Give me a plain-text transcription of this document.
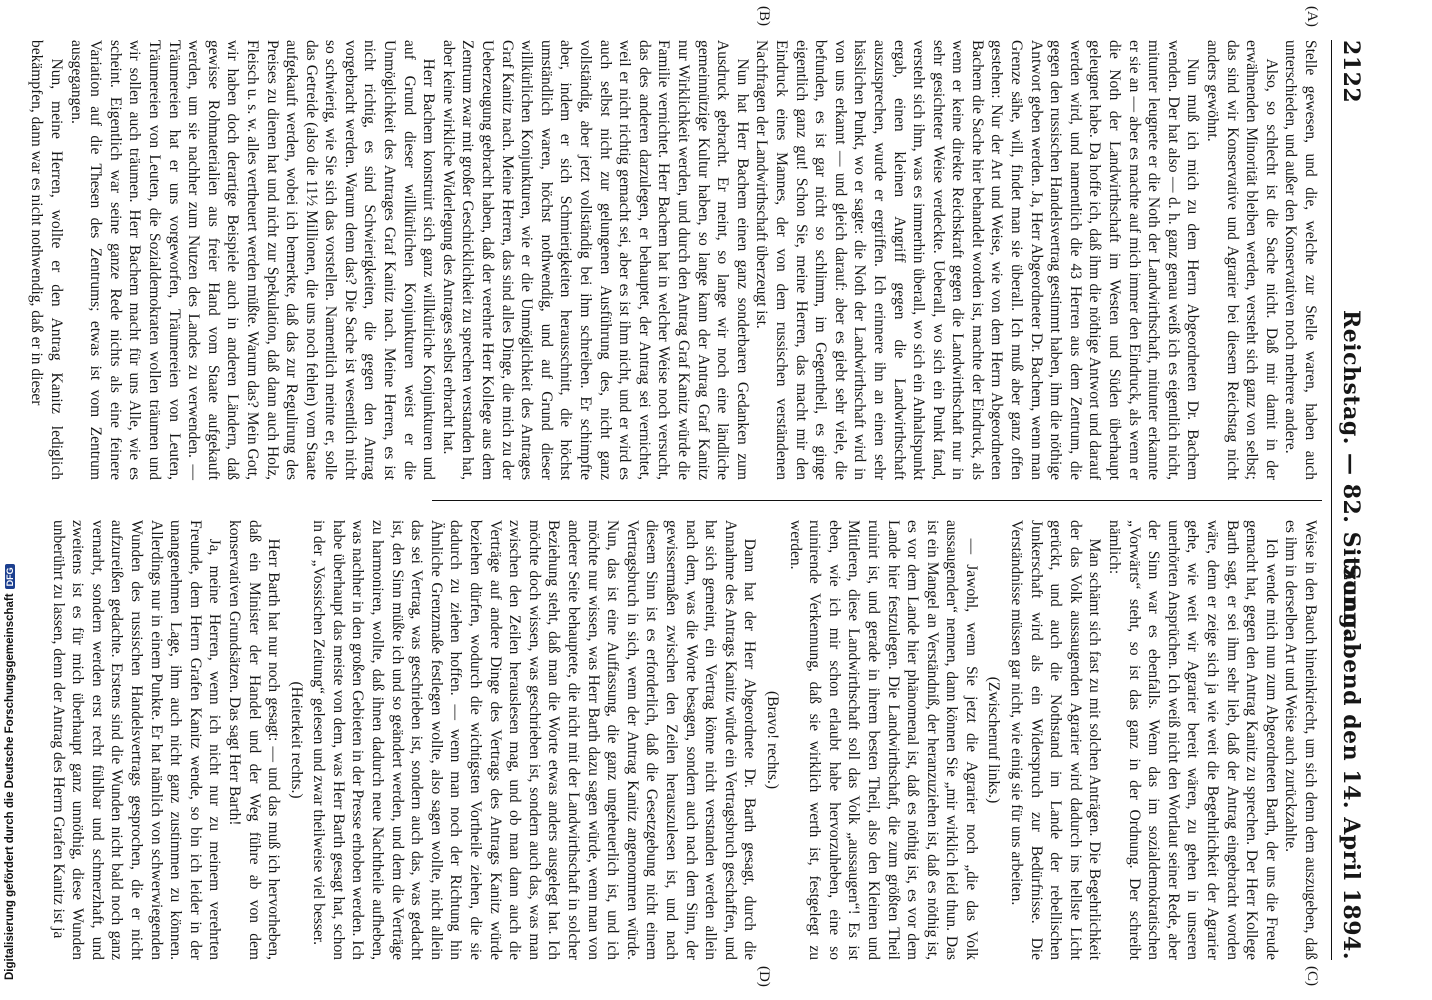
Digitalisierung gefördert durch die Deutsche Forschungsgemeinschaft
DFG
2122
Reichstag. — 82. Sitzung.
Sonnabend den 14. April 1894.
(A)
(B)
(C)
(D)

Stelle gewesen, und die, welche zur Stelle waren, haben auch unterschieden, und außer den Konservativen noch mehrere andere.

Also, so schlecht ist die Sache nicht. Daß mir damit in der erwähnenden Minorität bleiben werden, versteht sich ganz von selbst; das sind wir Konservative und Agrarier bei diesem Reichstag nicht anders gewöhnt.

Nun muß ich mich zu dem Herrn Abgeordneten Dr. Bachem wenden. Der hat also — d. h. ganz genau weiß ich es eigentlich nicht, mitunter leugnete er die Noth der Landwirthschaft, mitunter erkannte er sie an — aber es machte auf mich immer den Eindruck, als wenn er die Noth der Landwirthschaft im Westen und Süden überhaupt geleugnet habe. Da hoffe ich, daß ihm die nöthige Antwort und darauf werden wird, und namentlich die 43 Herren aus dem Zentrum, die gegen den russischen Handelsvertrag gestimmt haben, ihm die nöthige Antwort geben werden. Ja, Herr Abgeordneter Dr. Bachem, wenn man Grenze sähe, will, findet man sie überall. Ich muß aber ganz offen gestehen: Nur der Art und Weise, wie von dem Herrn Abgeordneten Bachem die Sache hier behandelt worden ist, machte der Eindruck, als wenn er keine direkte Reichskraft gegen die Landwirthschaft nur in sehr gesichteter Weise verdeckte. Ueberall, wo sich ein Punkt fand, versteht sich ihm, was es immerhin überall, wo sich ein Anhaltspunkt ergab, einen kleinen Angriff gegen die Landwirthschaft auszusprechen, wurde er ergriffen. Ich erinnere ihn an einen sehr hässlichen Punkt, wo er sagte: die Noth der Landwirthschaft wird in von uns erkannt — und gleich darauf: aber es giebt sehr viele, die befunden, es ist gar nicht so schlimm, im Gegentheil, es ginge eigentlich ganz gut! Schon Sie, meine Herren, das macht mir den Eindruck eines Mannes, der von dem russischen verständenen Nachfragen der Landwirthschaft überzeugt ist.

Nun hat Herr Bachem einen ganz sonderbaren Gedanken zum Ausdruck gebracht. Er meint, so lange wir noch eine ländliche gemeinnützige Kultur haben, so lange kann der Antrag Graf Kanitz nur Wirklichkeit werden, und durch den Antrag Graf Kanitz würde die Familie vernichtet. Herr Bachem hat in welcher Weise noch versucht, das des anderen darzulegen, er behauptet, der Antrag sei vernichtet, weil er nicht richtig gemacht sei, aber es ist ihm nicht, und er wird es auch selbst nicht zur gelungenen Ausführung des, nicht ganz vollständig, aber jetzt vollständig bei ihm schreiben. Er schimpfte aber, indem er sich Schmierigkeiten herausschnitt, die höchst umständlich waren, höchst nothwendig, und auf Grund dieser willkürlichen Konjunkturen, wie er die Unmöglichkeit des Antrages Graf Kanitz nach. Meine Herren, das sind alles Dinge, die mich zu der Ueberzeugung gebracht haben, daß der verehrte Herr Kollege aus dem Zentrum zwar mit großer Geschicklichkeit zu sprechen verstanden hat, aber keine wirkliche Widerlegung des Antrages selbst erbracht hat.

Herr Bachem konstruirt sich ganz willkürliche Konjunkturen und auf Grund dieser willkürlichen Konjunkturen weist er die Unmöglichkeit des Antrages Graf Kanitz nach. Meine Herren, es ist nicht richtig, es sind Schwierigkeiten, die gegen den Antrag vorgebracht werden. Warum denn das? Die Sache ist wesentlich nicht so schwierig, wie Sie sich das vorstellen. Namentlich meinte er, solle das Getreide (also die 11½ Millionen, die uns noch fehlen) vom Staate aufgekauft werden, wobei ich bemerkte, daß das zur Regulirung des Preises zu dienen hat und nicht zur Spekulation, daß dann auch Holz, Fleisch u. s. w. alles vertheuert werden müßte. Warum das? Mein Gott, wir haben doch derartige Beispiele auch in anderen Ländern, daß gewisse Rohmaterialien aus freier Hand vom Staate aufgekauft werden, um sie nachher zum Nutzen des Landes zu verwenden. — Träumereien hat er uns vorgeworfen, Träumereien von Leuten, Träumereien von Leuten, die Sozialdemokraten wollen träumen und wir sollen auch träumen. Herr Bachem macht für uns Alle, wie es scheint. Eigentlich war seine ganze Rede nichts als eine feinere Variation auf die Thesen des Zentrums; etwas ist vom Zentrum ausgegangen.

Nun, meine Herren, wollte er den Antrag Kanitz lediglich bekämpfen, dann war es nicht nothwendig, daß er in dieser

Weise in den Bauch hineinkriecht, um sich denn dem auszugeben, daß es ihm in derselben Art und Weise auch zurückzahlte.

Ich wende mich nun zum Abgeordneten Barth, der uns die Freude gemacht hat, gegen den Antrag Kanitz zu sprechen. Der Herr Kollege Barth sagt, er sei ihm sehr lieb, daß der Antrag eingebracht worden wäre, denn er zeige sich ja wie weit die Begehrlichkeit der Agrarier gehe, wie weit wir Agrarier bereit wären, zu gehen in unseren unerhörten Ansprüchen. Ich weiß nicht den Wortlaut seiner Rede, aber der Sinn war es ebenfalls. Wenn das im sozialdemokratischen „Vorwärts“ steht, so ist das ganz in der Ordnung. Der schreibt nämlich:

Man schämt sich fast zu mit solchen Anträgen. Die Begehrlichkeit der das Volk aussaugenden Agrarier wird dadurch ins hellste Licht gerückt, und auch die Nothstand im Lande der rebellischen Junkerschaft wird als ein Widerspruch zur Bedürfnisse. Die Verständnisse müssen gar nicht, wie einig sie für uns arbeiten.

(Zwischenruf links.)

— Jawohl, wenn Sie jetzt die Agrarier noch „die das Volk aussaugenden“ nennen, dann können Sie „mir wirklich leid thun. Das ist ein Mangel an Verständniß, der heranzuziehen ist, daß es nöthig ist, es vor dem Lande hier phänomenal ist, daß es nöthig ist, es vor dem Lande hier festzulegen. Die Landwirthschaft, die zum größten Theil ruinirt ist, und gerade in ihrem besten Theil, also den Kleinen und Mittleren, diese Landwirthschaft soll das Volk „aussaugen“! Es ist eben, wie ich mir schon erlaubt habe hervorzuheben, eine so ruinirende Verkennung, daß sie wirklich werth ist, festgelegt zu werden.

(Bravo! rechts.)

Dann hat der Herr Abgeordnete Dr. Barth gesagt, durch die Annahme des Antrags Kanitz würde ein Vertragsbruch geschaffen, und hat sich gemeint, ein Vertrag könne nicht verstanden werden allein nach dem, was die Worte besagen, sondern auch nach dem Sinn, der gewissermaßen zwischen den Zeilen herauszulesen ist, und nach diesem Sinn ist es erforderlich, daß die Gesetzgebung nicht einem Vertragsbruch in sich, wenn der Antrag Kanitz angenommen würde. Nun, das ist eine Auffassung, die ganz ungeheuerlich ist, und ich möchte nur wissen, was Herr Barth dazu sagen würde, wenn man von anderer Seite behauptete, die nicht mit der Landwirthschaft in solcher Beziehung steht, daß man die Worte etwas anders ausgelegt hat. Ich möchte doch wissen, was geschrieben ist, sondern auch das, was man zwischen den Zeilen herauslesen mag, und ob man dann auch die Verträge auf andere Dinge des Vertrags des Antrags Kanitz würde beziehen dürfen, wodurch die wichtigsten Vortheile ziehen, die sie dadurch zu ziehen hoffen. — wenn man noch der Richtung hin Ähnliche Grenzmaße festlegen wollte, also sagen wollte, nicht allein das sei Vertrag, was geschrieben ist, sondern auch das, was gedacht ist, den Sinn müßte ich und so geändert werden, und dem die Verträge zu harmoniren, wollte, daß ihnen dadurch neue Nachtheile aufheben, was nachher in den großen Gebieten in der Presse erhoben werden. Ich habe überhaupt das meiste von dem, was Herr Barth gesagt hat, schon in der „Vossischen Zeitung“ gelesen und zwar theilweise viel besser.

(Heiterkeit rechts.)

Herr Barth hat nur noch gesagt: — und das muß ich hervorheben, daß ein Minister der Handel und der Weg führe ab von dem konservativen Grundsätzen. Das sagt Herr Barth!

Ja, meine Herren, wenn ich nicht nur zu meinem verehrten Freunde, dem Herrn Grafen Kanitz wende, so bin ich leider in der unangenehmen Lage, ihm auch nicht ganz zustimmen zu können. Allerdings nur in einem Punkte. Er hat nämlich von schwerwiegenden Wunden des russischen Handelsvertrags gesprochen, die er nicht aufzureißen gedachte. Erstens sind die Wunden nicht bald noch ganz vernarbt, sondern werden erst recht fühlbar und schmerzhaft, und zweitens ist es für mich überhaupt ganz unnöthig, diese Wunden unberührt zu lassen, denn der Antrag des Herrn Grafen Kanitz ist ja
